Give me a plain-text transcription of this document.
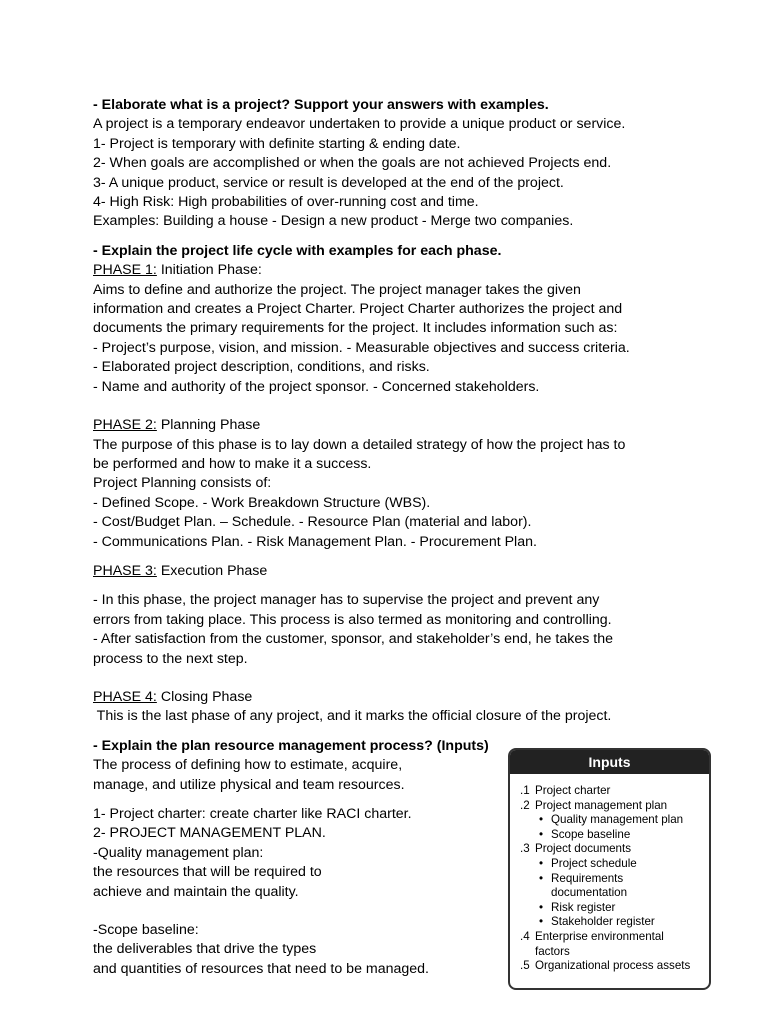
- Elaborate what is a project? Support your answers with examples.
A project is a temporary endeavor undertaken to provide a unique product or service.
1- Project is temporary with definite starting & ending date.
2- When goals are accomplished or when the goals are not achieved Projects end.
3- A unique product, service or result is developed at the end of the project.
4- High Risk: High probabilities of over-running cost and time.
Examples: Building a house - Design a new product - Merge two companies.
- Explain the project life cycle with examples for each phase.
PHASE 1: Initiation Phase:
Aims to define and authorize the project. The project manager takes the given
information and creates a Project Charter. Project Charter authorizes the project and
documents the primary requirements for the project. It includes information such as:
- Project’s purpose, vision, and mission. - Measurable objectives and success criteria.
- Elaborated project description, conditions, and risks.
- Name and authority of the project sponsor. - Concerned stakeholders.
PHASE 2: Planning Phase
The purpose of this phase is to lay down a detailed strategy of how the project has to
be performed and how to make it a success.
Project Planning consists of:
- Defined Scope. - Work Breakdown Structure (WBS).
- Cost/Budget Plan. – Schedule. - Resource Plan (material and labor).
- Communications Plan. - Risk Management Plan. - Procurement Plan.
PHASE 3: Execution Phase
- In this phase, the project manager has to supervise the project and prevent any
errors from taking place. This process is also termed as monitoring and controlling.
- After satisfaction from the customer, sponsor, and stakeholder’s end, he takes the
process to the next step.
PHASE 4: Closing Phase
This is the last phase of any project, and it marks the official closure of the project.
- Explain the plan resource management process? (Inputs)
The process of defining how to estimate, acquire,
manage, and utilize physical and team resources.
1- Project charter: create charter like RACI charter.
2- PROJECT MANAGEMENT PLAN.
-Quality management plan:
the resources that will be required to
achieve and maintain the quality.
-Scope baseline:
the deliverables that drive the types
and quantities of resources that need to be managed.
Inputs
.1 Project charter
.2 Project management plan
• Quality management plan
• Scope baseline
.3 Project documents
• Project schedule
• Requirements
documentation
• Risk register
• Stakeholder register
.4 Enterprise environmental
factors
.5 Organizational process assets
